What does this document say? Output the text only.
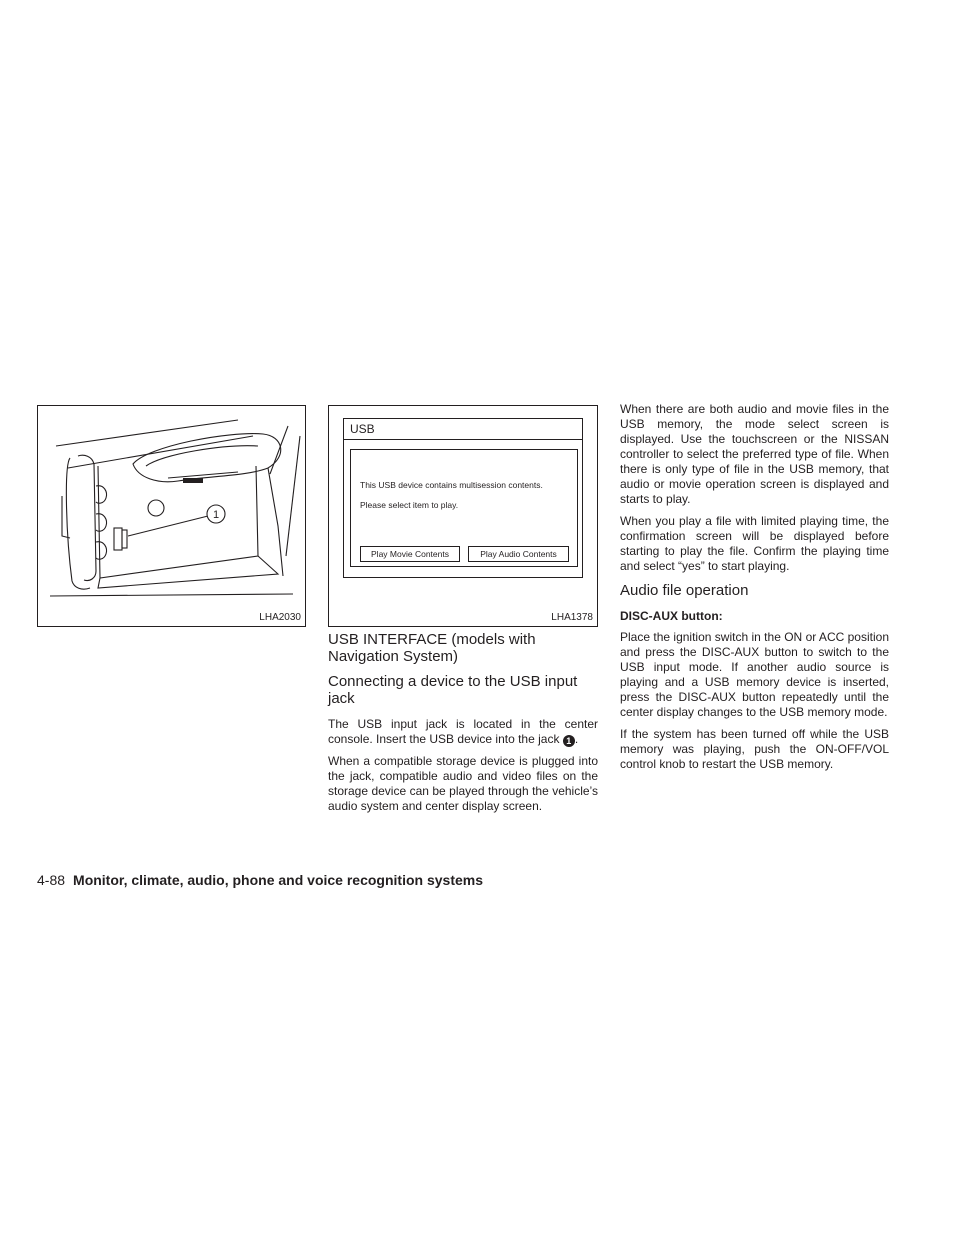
1
LHA2030
USB
This USB device contains multisession contents.
Please select item to play.
Play Movie Contents	Play Audio Contents
LHA1378
USB INTERFACE (models with Navigation System)
Connecting a device to the USB input jack

The USB input jack is located in the center console. Insert the USB device into the jack 1 .

When a compatible storage device is plugged into the jack, compatible audio and video files on the storage device can be played through the vehicle’s audio system and center display screen.

When there are both audio and movie files in the USB memory, the mode select screen is displayed. Use the touchscreen or the NISSAN controller to select the preferred type of file. When there is only type of file in the USB memory, that audio or movie operation screen is displayed and starts to play.

When you play a file with limited playing time, the confirmation screen will be displayed before starting to play the file. Confirm the playing time and select “yes” to start playing.

Audio file operation
DISC-AUX button:

Place the ignition switch in the ON or ACC position and press the DISC-AUX button to switch to the USB input mode. If another audio source is playing and a USB memory device is inserted, press the DISC-AUX button repeatedly until the center display changes to the USB memory mode.

If the system has been turned off while the USB memory was playing, push the ON-OFF/VOL control knob to restart the USB memory.

4-88 Monitor, climate, audio, phone and voice recognition systems
